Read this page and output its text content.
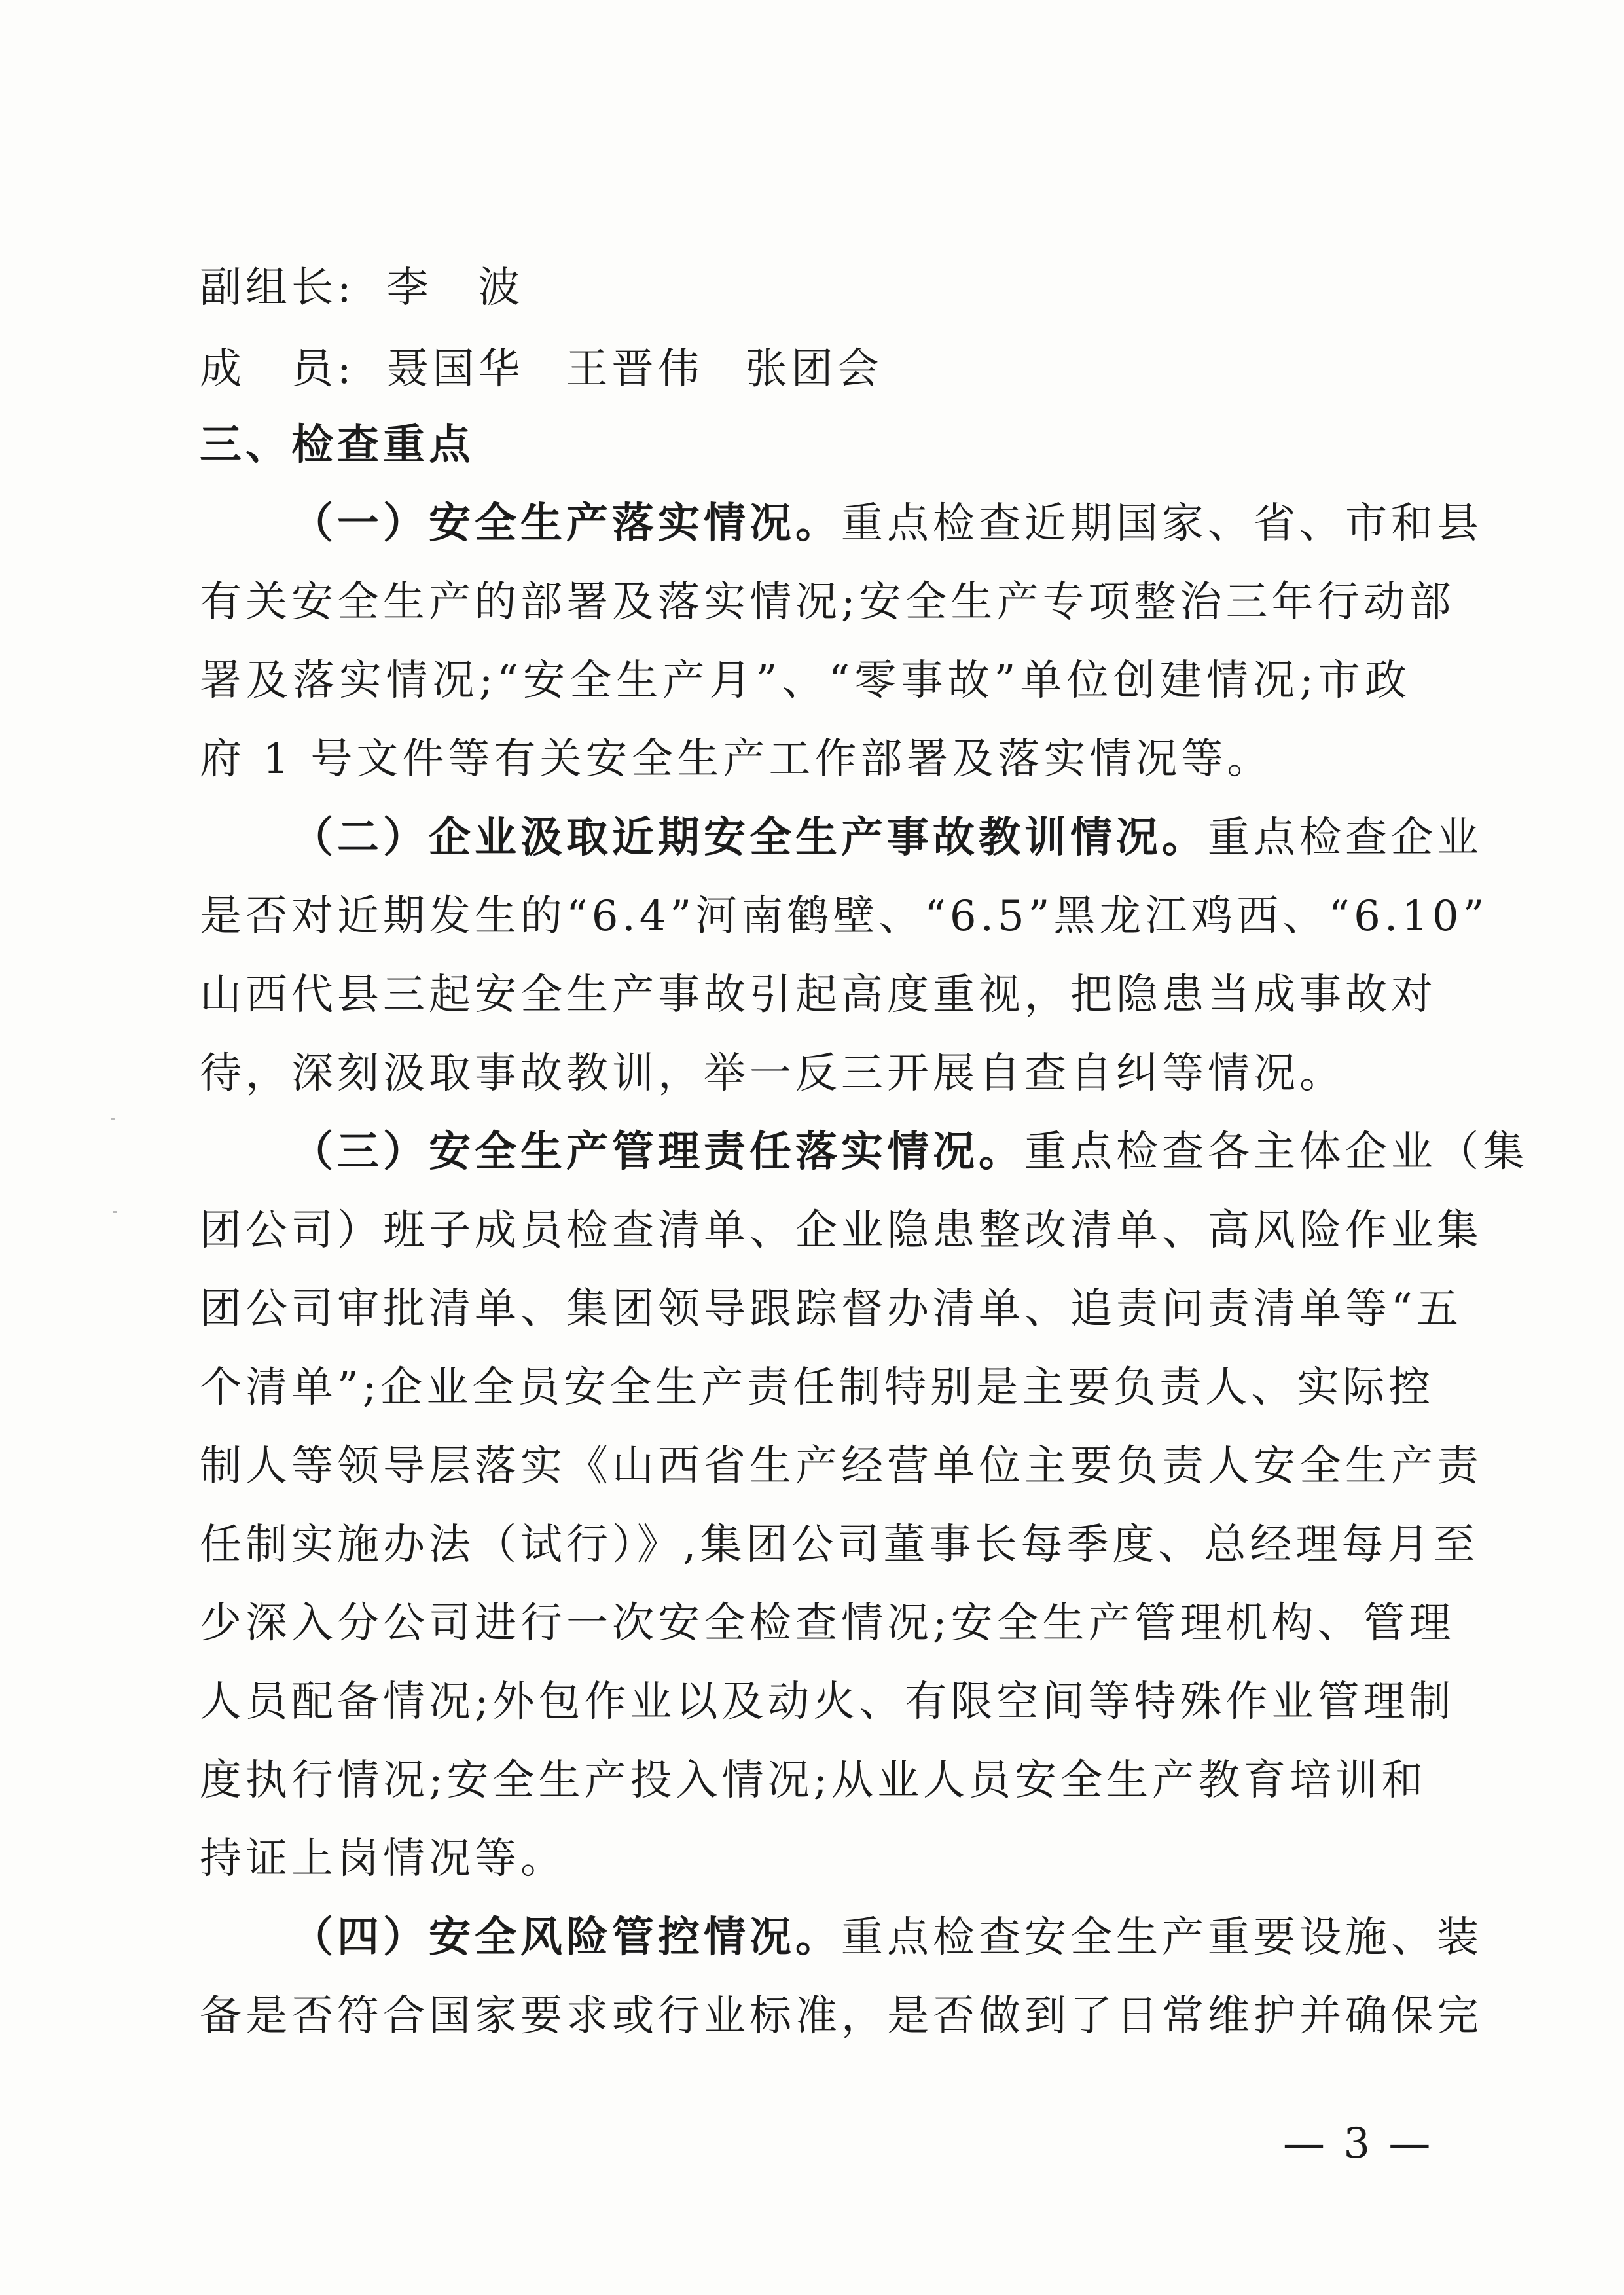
副组长: 李　波
成　员: 聂国华 王晋伟 张团会
三、检查重点
（一）安全生产落实情况。重点检查近期国家、省、市和县
有关安全生产的部署及落实情况;安全生产专项整治三年行动部
署及落实情况;“安全生产月”、“零事故”单位创建情况;市政
府 1 号文件等有关安全生产工作部署及落实情况等。
（二）企业汲取近期安全生产事故教训情况。重点检查企业
是否对近期发生的“6.4”河南鹤壁、“6.5”黑龙江鸡西、“6.10”
山西代县三起安全生产事故引起高度重视，把隐患当成事故对
待，深刻汲取事故教训，举一反三开展自查自纠等情况。
（三）安全生产管理责任落实情况。重点检查各主体企业（集
团公司）班子成员检查清单、企业隐患整改清单、高风险作业集
团公司审批清单、集团领导跟踪督办清单、追责问责清单等“五
个清单”;企业全员安全生产责任制特别是主要负责人、实际控
制人等领导层落实《山西省生产经营单位主要负责人安全生产责
任制实施办法（试行）》,集团公司董事长每季度、总经理每月至
少深入分公司进行一次安全检查情况;安全生产管理机构、管理
人员配备情况;外包作业以及动火、有限空间等特殊作业管理制
度执行情况;安全生产投入情况;从业人员安全生产教育培训和
持证上岗情况等。
（四）安全风险管控情况。重点检查安全生产重要设施、装
备是否符合国家要求或行业标准，是否做到了日常维护并确保完
— 3 —
